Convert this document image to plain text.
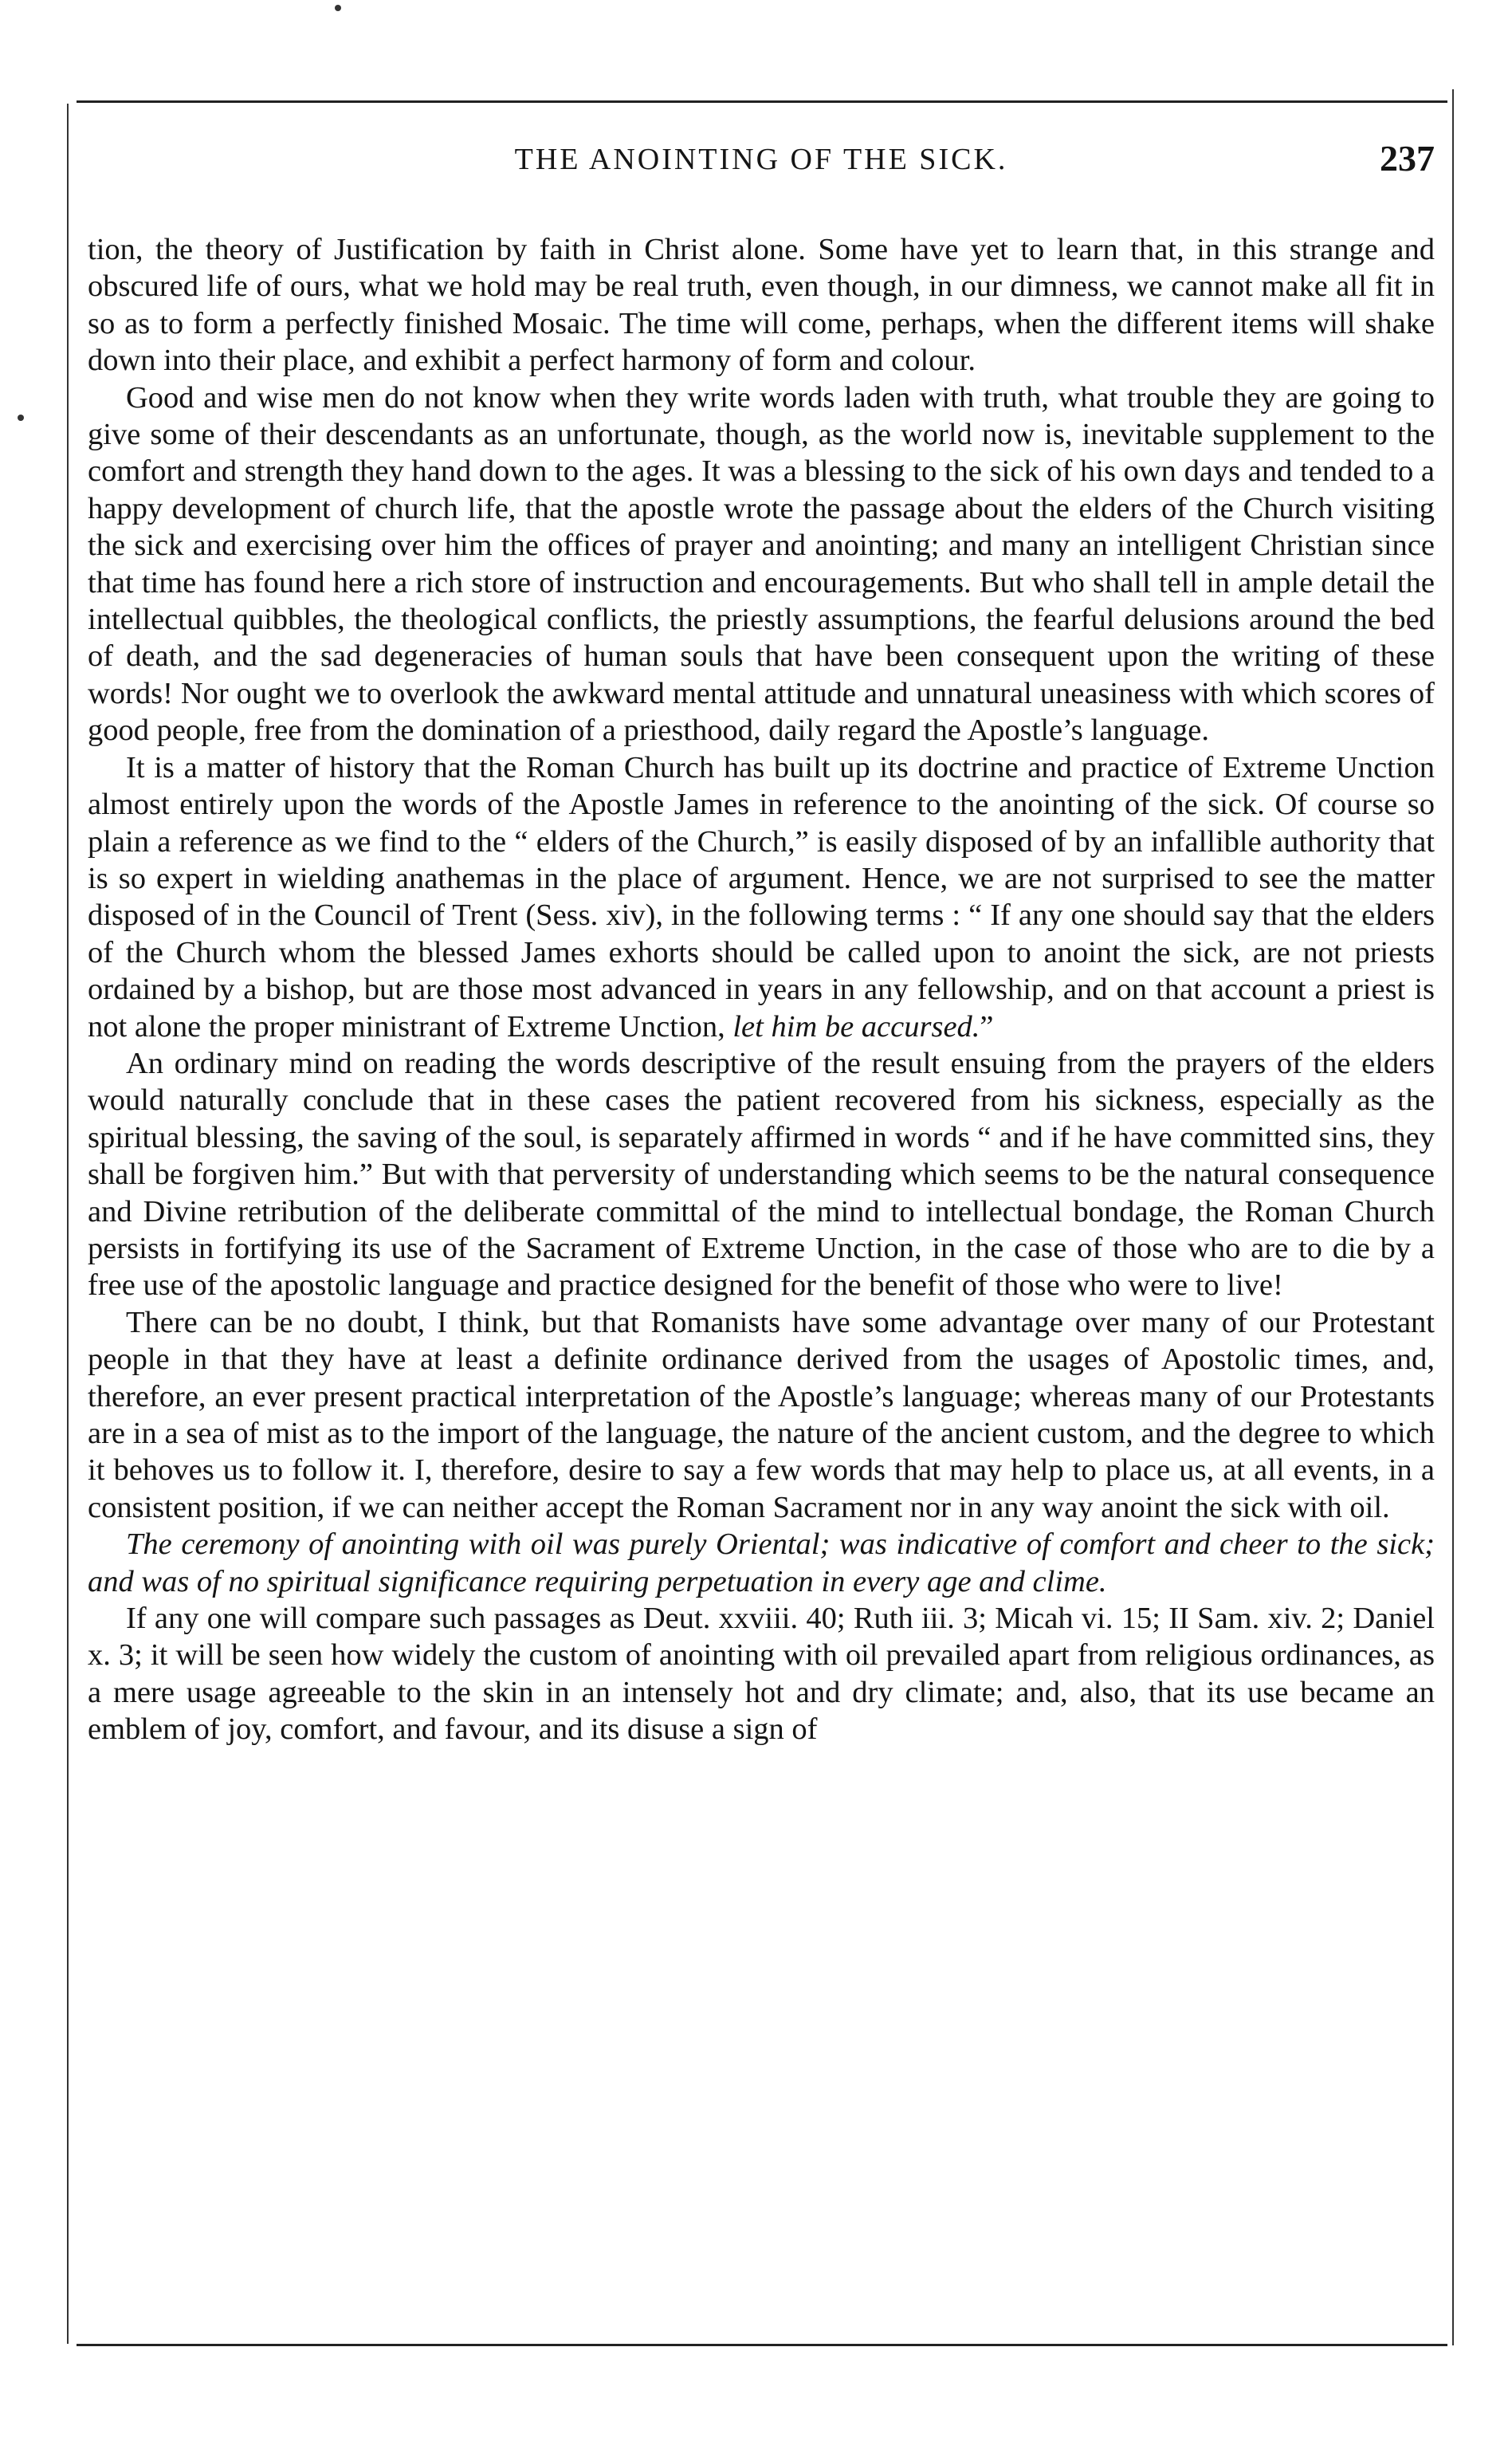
THE ANOINTING OF THE SICK.	237

tion, the theory of Justification by faith in Christ alone. Some have yet to learn that, in this strange and obscured life of ours, what we hold may be real truth, even though, in our dimness, we cannot make all fit in so as to form a perfectly finished Mosaic. The time will come, perhaps, when the different items will shake down into their place, and exhibit a perfect harmony of form and colour.

Good and wise men do not know when they write words laden with truth, what trouble they are going to give some of their descendants as an unfortunate, though, as the world now is, inevitable supplement to the comfort and strength they hand down to the ages. It was a blessing to the sick of his own days and tended to a happy development of church life, that the apostle wrote the passage about the elders of the Church visiting the sick and exercising over him the offices of prayer and anointing; and many an intelligent Christian since that time has found here a rich store of instruction and encouragements. But who shall tell in ample detail the intellectual quibbles, the theological conflicts, the priestly assumptions, the fearful delusions around the bed of death, and the sad degeneracies of human souls that have been consequent upon the writing of these words! Nor ought we to overlook the awkward mental attitude and unnatural uneasiness with which scores of good people, free from the domination of a priesthood, daily regard the Apostle’s language.

It is a matter of history that the Roman Church has built up its doctrine and practice of Extreme Unction almost entirely upon the words of the Apostle James in reference to the anointing of the sick. Of course so plain a reference as we find to the “ elders of the Church,” is easily disposed of by an infallible authority that is so expert in wielding anathemas in the place of argument. Hence, we are not surprised to see the matter disposed of in the Council of Trent (Sess. xiv), in the following terms : “ If any one should say that the elders of the Church whom the blessed James exhorts should be called upon to anoint the sick, are not priests ordained by a bishop, but are those most advanced in years in any fellowship, and on that account a priest is not alone the proper ministrant of Extreme Unction, let him be accursed.”

An ordinary mind on reading the words descriptive of the result ensuing from the prayers of the elders would naturally conclude that in these cases the patient recovered from his sickness, especially as the spiritual blessing, the saving of the soul, is separately affirmed in words “ and if he have committed sins, they shall be forgiven him.” But with that perversity of understanding which seems to be the natural consequence and Divine retribution of the deliberate committal of the mind to intellectual bondage, the Roman Church persists in fortifying its use of the Sacrament of Extreme Unction, in the case of those who are to die by a free use of the apostolic language and practice designed for the benefit of those who were to live!

There can be no doubt, I think, but that Romanists have some advantage over many of our Protestant people in that they have at least a definite ordinance derived from the usages of Apostolic times, and, therefore, an ever present practical interpretation of the Apostle’s language; whereas many of our Protestants are in a sea of mist as to the import of the language, the nature of the ancient custom, and the degree to which it behoves us to follow it. I, therefore, desire to say a few words that may help to place us, at all events, in a consistent position, if we can neither accept the Roman Sacrament nor in any way anoint the sick with oil.

The ceremony of anointing with oil was purely Oriental; was indicative of comfort and cheer to the sick; and was of no spiritual significance requiring perpetuation in every age and clime.

If any one will compare such passages as Deut. xxviii. 40; Ruth iii. 3; Micah vi. 15; II Sam. xiv. 2; Daniel x. 3; it will be seen how widely the custom of anointing with oil prevailed apart from religious ordinances, as a mere usage agreeable to the skin in an intensely hot and dry climate; and, also, that its use became an emblem of joy, comfort, and favour, and its disuse a sign of
